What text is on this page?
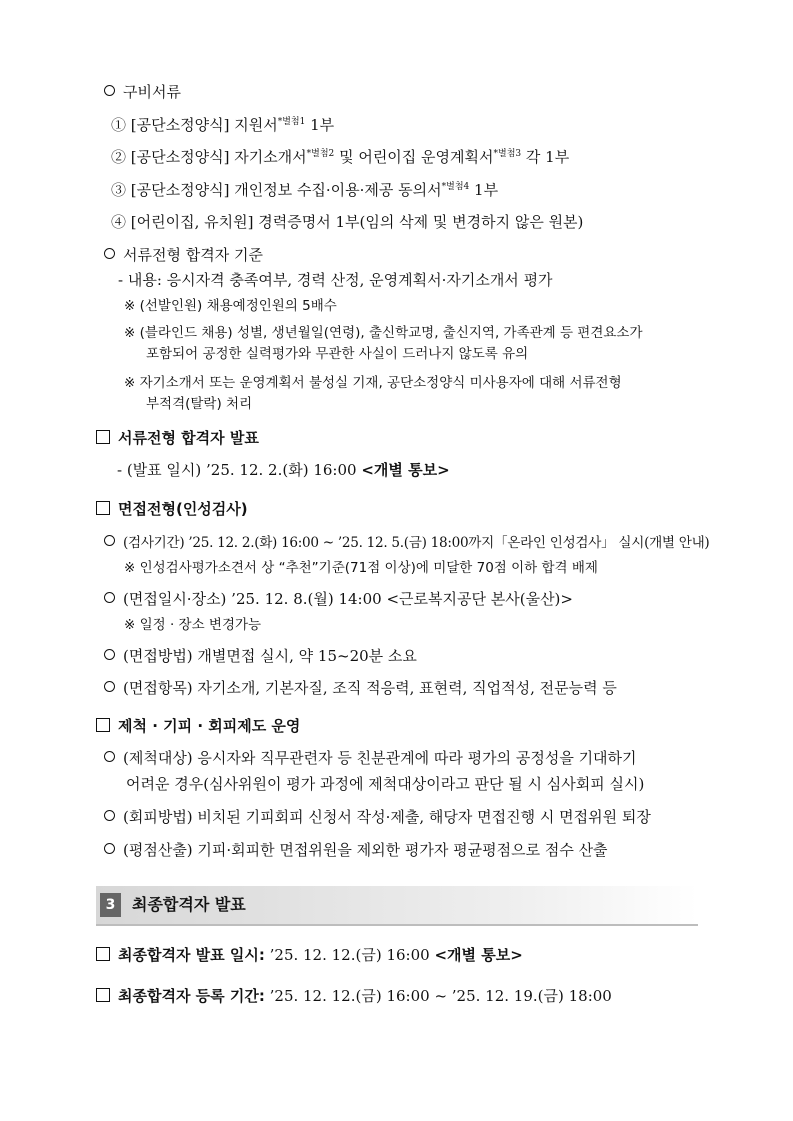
구비서류
① [공단소정양식] 지원서$^{*별첨1}$ 1부
② [공단소정양식] 자기소개서$^{*별첨2}$ 및 어린이집 운영계획서$^{*별첨3}$ 각 1부
③ [공단소정양식] 개인정보 수집·이용·제공 동의서$^{*별첨4}$ 1부
④ [어린이집, 유치원] 경력증명서 1부(임의 삭제 및 변경하지 않은 원본)
서류전형 합격자 기준
- 내용: 응시자격 충족여부, 경력 산정, 운영계획서·자기소개서 평가
※ (선발인원) 채용예정인원의 5배수
※ (블라인드 채용) 성별, 생년월일(연령), 출신학교명, 출신지역, 가족관계 등 편견요소가
포함되어 공정한 실력평가와 무관한 사실이 드러나지 않도록 유의
※ 자기소개서 또는 운영계획서 불성실 기재, 공단소정양식 미사용자에 대해 서류전형
부적격(탈락) 처리
서류전형 합격자 발표
- (발표 일시) ’25. 12. 2.(화) 16:00 <개별 통보>
면접전형(인성검사)
(검사기간) ’25. 12. 2.(화) 16:00 ~ ’25. 12. 5.(금) 18:00까지「온라인 인성검사」 실시(개별 안내)
※ 인성검사평가소견서 상 “추천”기준(71점 이상)에 미달한 70점 이하 합격 배제
(면접일시·장소) ’25. 12. 8.(월) 14:00 <근로복지공단 본사(울산)>
※ 일정 · 장소 변경가능
(면접방법) 개별면접 실시, 약 15~20분 소요
(면접항목) 자기소개, 기본자질, 조직 적응력, 표현력, 직업적성, 전문능력 등
제척 · 기피 · 회피제도 운영
(제척대상) 응시자와 직무관련자 등 친분관계에 따라 평가의 공정성을 기대하기
어려운 경우(심사위원이 평가 과정에 제척대상이라고 판단 될 시 심사회피 실시)
(회피방법) 비치된 기피회피 신청서 작성·제출, 해당자 면접진행 시 면접위원 퇴장
(평점산출) 기피·회피한 면접위원을 제외한 평가자 평균평점으로 점수 산출
3	최종합격자 발표
최종합격자 발표 일시: ’25. 12. 12.(금) 16:00 <개별 통보>
최종합격자 등록 기간: ’25. 12. 12.(금) 16:00 ~ ’25. 12. 19.(금) 18:00
